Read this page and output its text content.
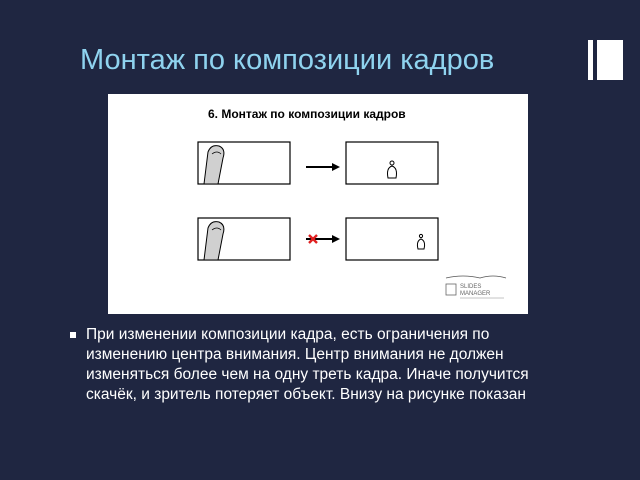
Монтаж по композиции кадров
6. Монтаж по композиции кадров
SLIDES
MANAGER
При изменении композиции кадра, есть ограничения по изменению центра внимания. Центр внимания не должен изменяться более чем на одну треть кадра. Иначе получится скачёк, и зритель потеряет объект. Внизу на рисунке показан
